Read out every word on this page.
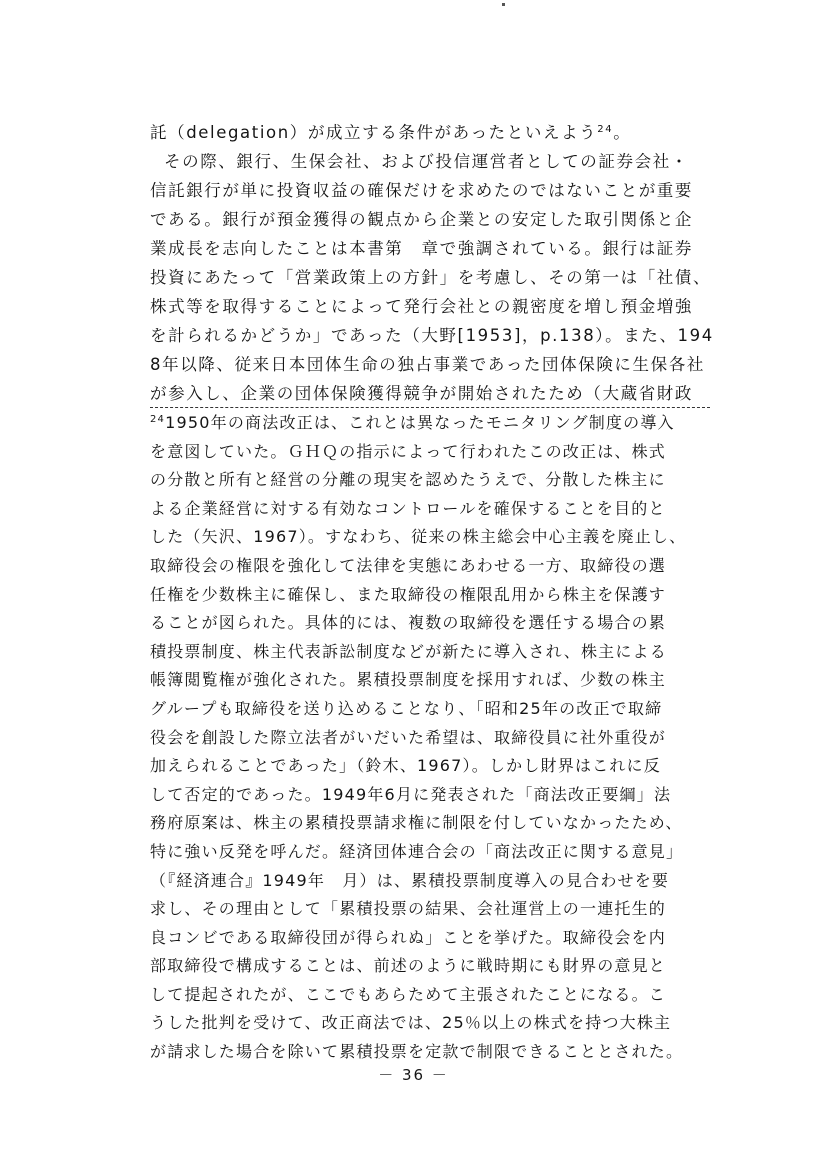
託（delegation）が成立する条件があったといえよう$^{24}$。
その際、銀行、生保会社、および投信運営者としての証券会社・
信託銀行が単に投資収益の確保だけを求めたのではないことが重要
である。銀行が預金獲得の観点から企業との安定した取引関係と企
業成長を志向したことは本書第　章で強調されている。銀行は証券
投資にあたって「営業政策上の方針」を考慮し、その第一は「社債、
株式等を取得することによって発行会社との親密度を増し預金増強
を計られるかどうか」であった（大野[1953]，p.138）。また、194
8年以降、従来日本団体生命の独占事業であった団体保険に生保各社
が参入し、企業の団体保険獲得競争が開始されたため（大蔵省財政
$^{24}$1950年の商法改正は、これとは異なったモニタリング制度の導入
を意図していた。ＧＨＱの指示によって行われたこの改正は、株式
の分散と所有と経営の分離の現実を認めたうえで、分散した株主に
よる企業経営に対する有効なコントロールを確保することを目的と
した（矢沢、1967）。すなわち、従来の株主総会中心主義を廃止し、
取締役会の権限を強化して法律を実態にあわせる一方、取締役の選
任権を少数株主に確保し、また取締役の権限乱用から株主を保護す
ることが図られた。具体的には、複数の取締役を選任する場合の累
積投票制度、株主代表訴訟制度などが新たに導入され、株主による
帳簿閲覧権が強化された。累積投票制度を採用すれば、少数の株主
グループも取締役を送り込めることなり、「昭和25年の改正で取締
役会を創設した際立法者がいだいた希望は、取締役員に社外重役が
加えられることであった」（鈴木、1967）。しかし財界はこれに反
して否定的であった。1949年6月に発表された「商法改正要綱」法
務府原案は、株主の累積投票請求権に制限を付していなかったため、
特に強い反発を呼んだ。経済団体連合会の「商法改正に関する意見」
（『経済連合』1949年　月）は、累積投票制度導入の見合わせを要
求し、その理由として「累積投票の結果、会社運営上の一連托生的
良コンビである取締役団が得られぬ」ことを挙げた。取締役会を内
部取締役で構成することは、前述のように戦時期にも財界の意見と
して提起されたが、ここでもあらためて主張されたことになる。こ
うした批判を受けて、改正商法では、25％以上の株式を持つ大株主
が請求した場合を除いて累積投票を定款で制限できることとされた。
－ 36 －
